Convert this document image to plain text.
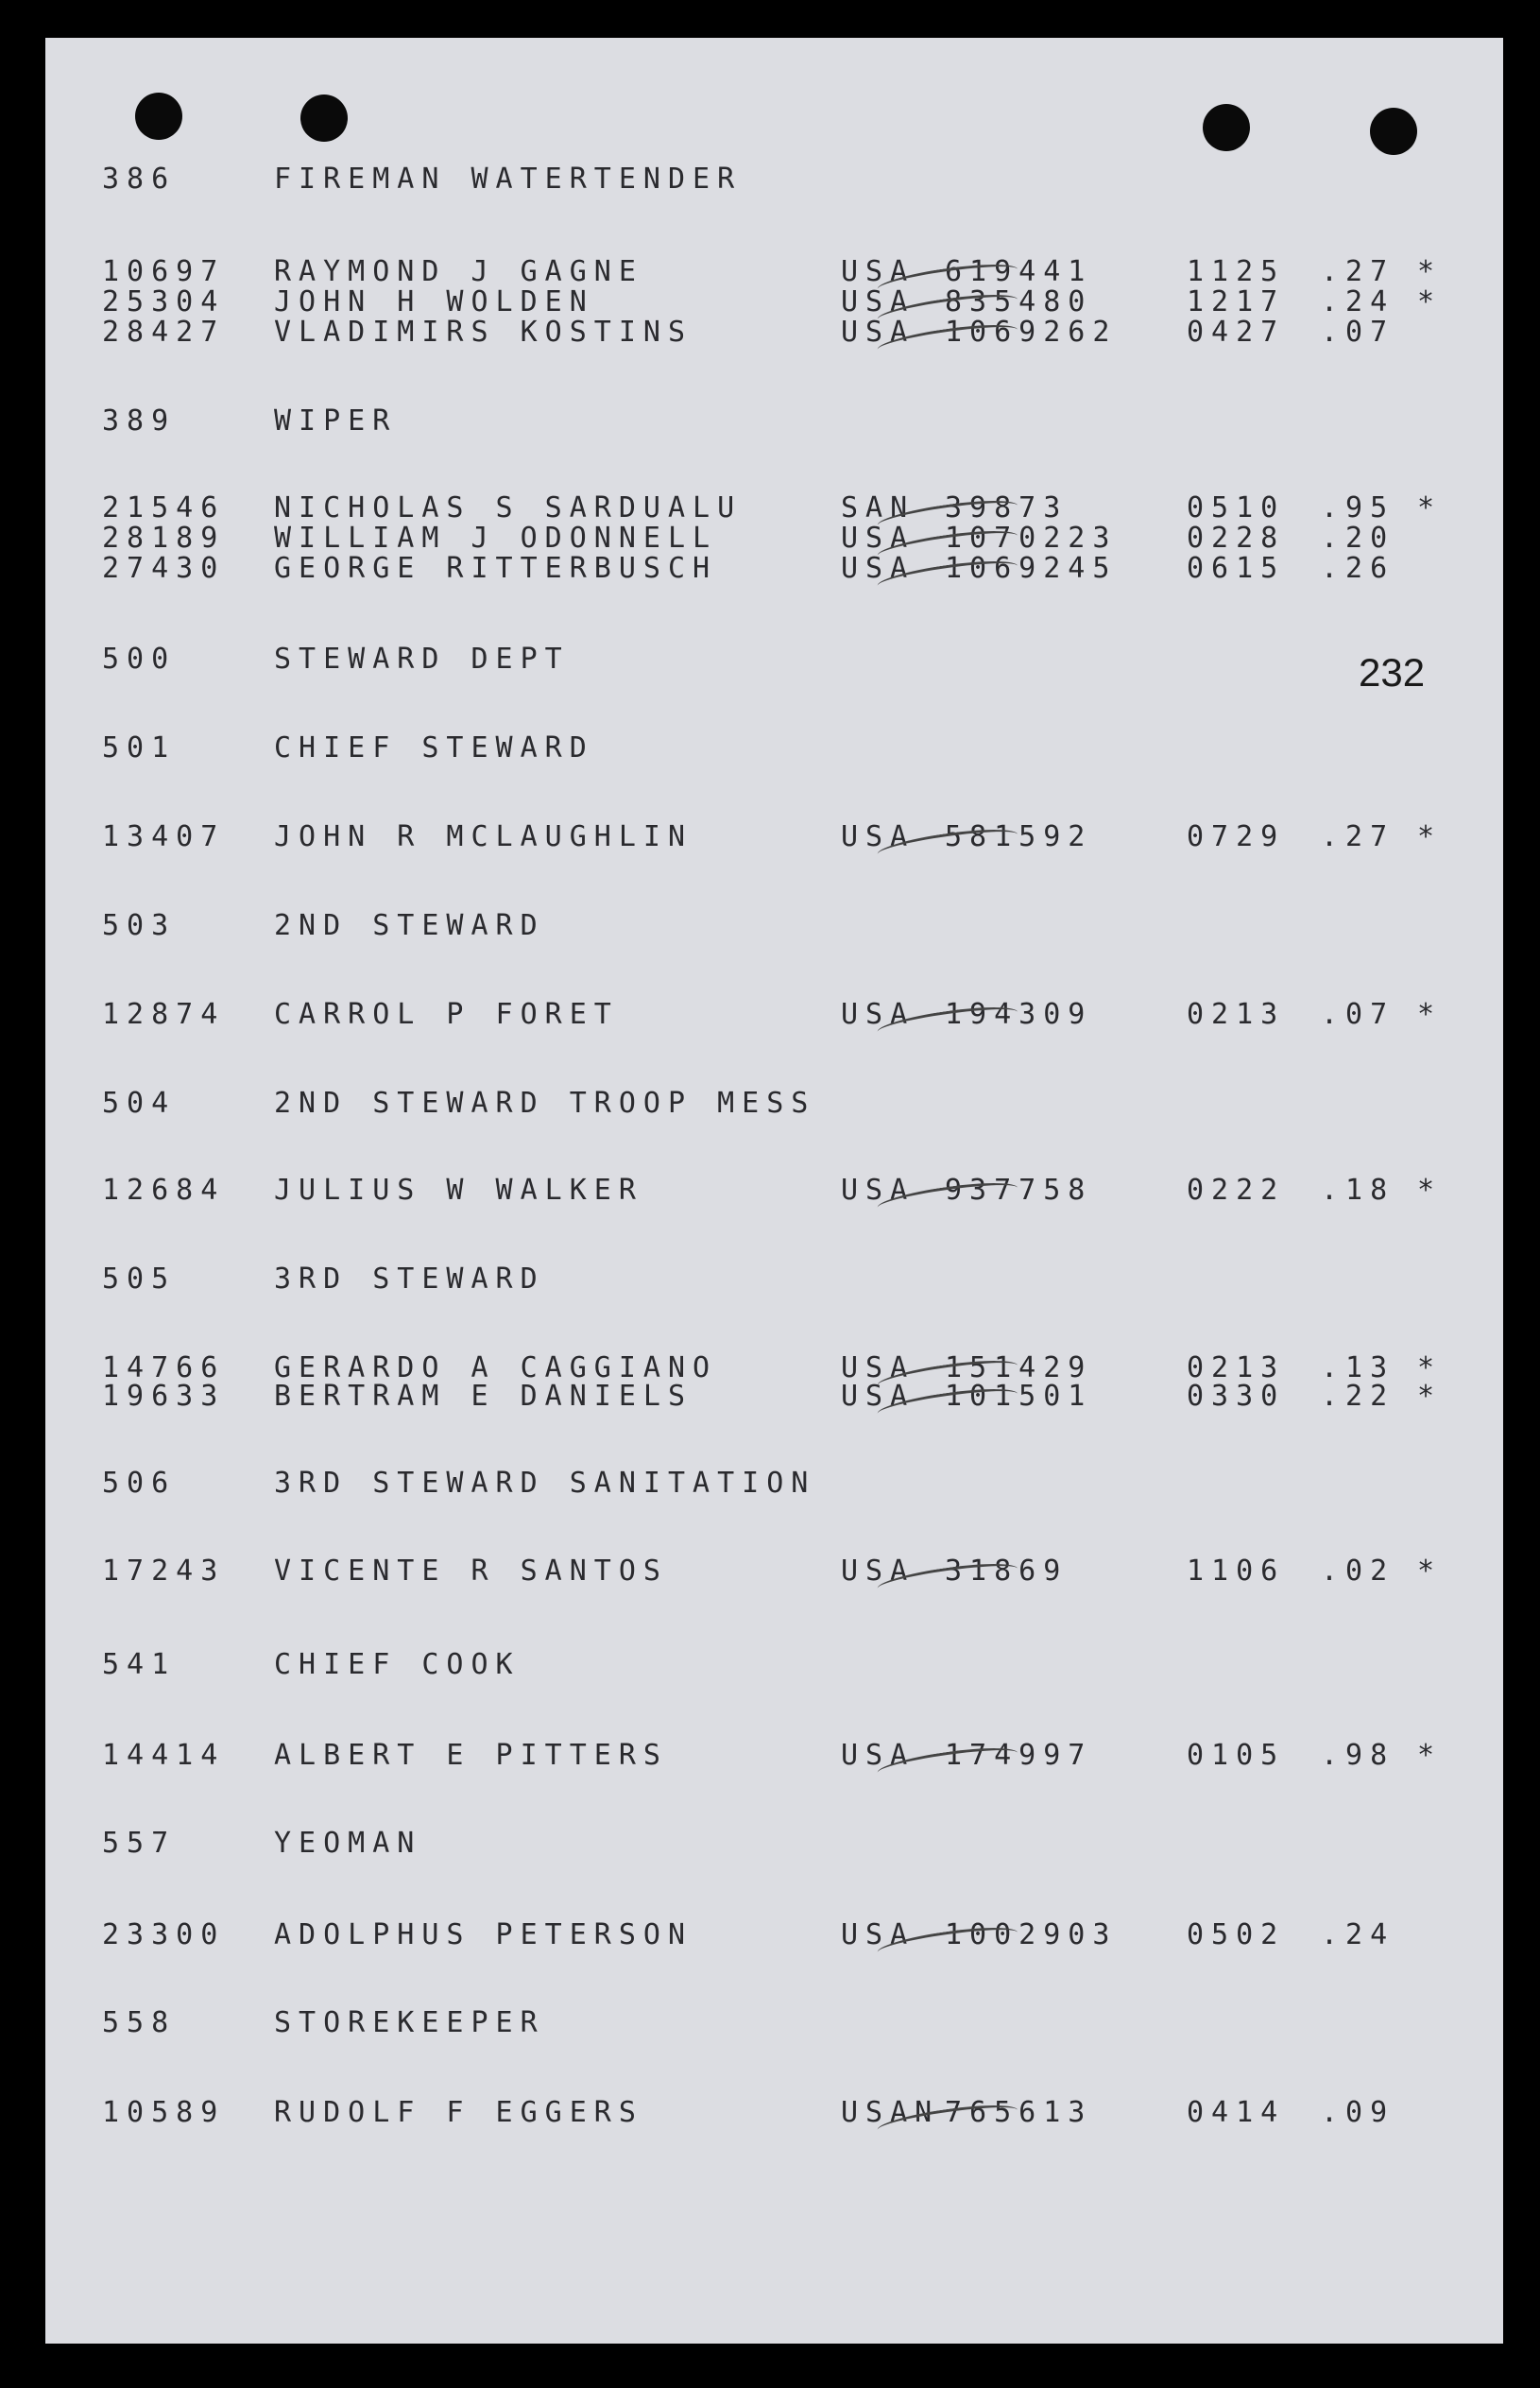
232
386	FIREMAN WATERTENDER
10697 RAYMOND J GAGNE	USA 619441	1125 .27 *
25304 JOHN H WOLDEN	USA 835480	1217 .24 *
28427 VLADIMIRS KOSTINS	USA 1069262 0427 .07
389	WIPER
21546 NICHOLAS S SARDUALU	SAN 39873	0510 .95 *
28189 WILLIAM J ODONNELL	USA 1070223 0228 .20
27430 GEORGE RITTERBUSCH	USA 1069245 0615 .26
500	STEWARD DEPT
501	CHIEF STEWARD
13407 JOHN R MCLAUGHLIN	USA 581592	0729 .27 *
503	2ND STEWARD
12874 CARROL P FORET	USA 194309	0213 .07 *
504	2ND STEWARD TROOP MESS
12684 JULIUS W WALKER	USA 937758	0222 .18 *
505	3RD STEWARD
14766 GERARDO A CAGGIANO	USA 151429	0213 .13 *
19633 BERTRAM E DANIELS	USA 101501	0330 .22 *
506	3RD STEWARD SANITATION
17243 VICENTE R SANTOS	USA 31869	1106 .02 *
541	CHIEF COOK
14414 ALBERT E PITTERS	USA 174997	0105 .98 *
557	YEOMAN
23300 ADOLPHUS PETERSON	USA 1002903 0502 .24
558	STOREKEEPER
10589 RUDOLF F EGGERS	USAN 765613	0414 .09
